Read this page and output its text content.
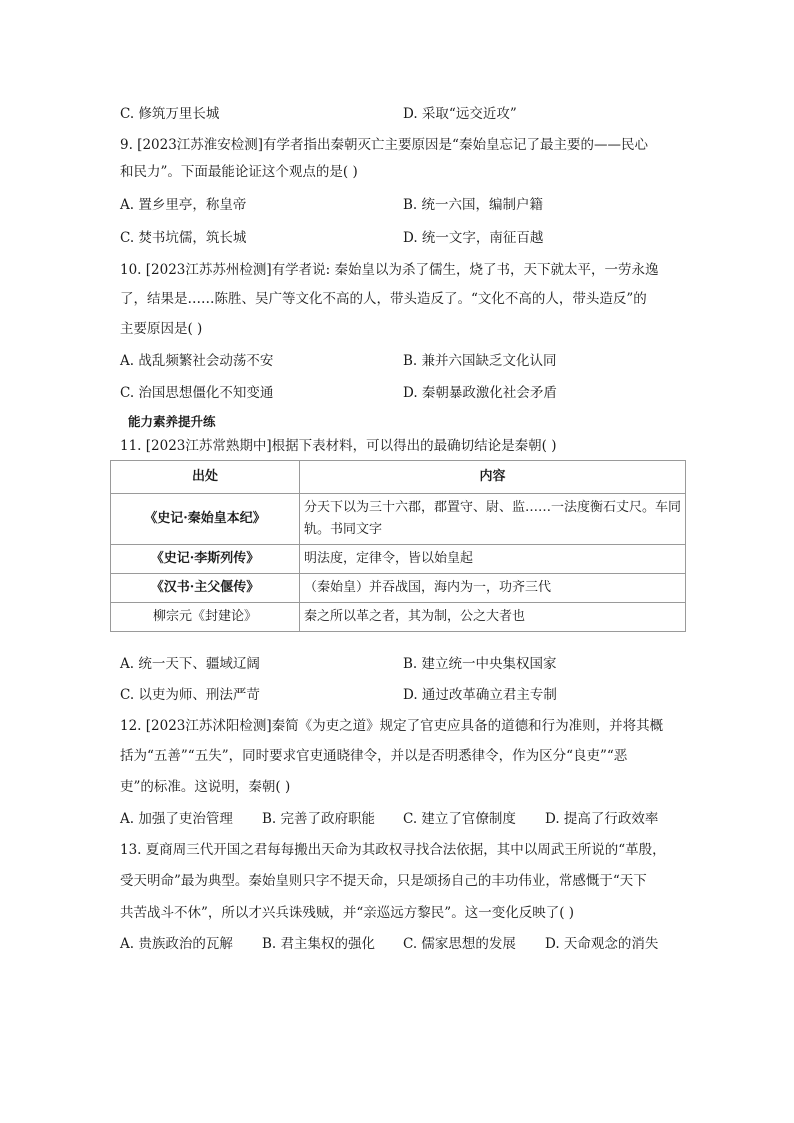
C. 修筑万里长城	D. 采取“远交近攻”
9. [2023江苏淮安检测]有学者指出秦朝灭亡主要原因是“秦始皇忘记了最主要的——民心
和民力”。下面最能论证这个观点的是( )
A. 置乡里亭，称皇帝	B. 统一六国，编制户籍
C. 焚书坑儒，筑长城	D. 统一文字，南征百越
10. [2023江苏苏州检测]有学者说: 秦始皇以为杀了儒生，烧了书，天下就太平，一劳永逸
了，结果是……陈胜、吴广等文化不高的人，带头造反了。“文化不高的人，带头造反”的
主要原因是( )
A. 战乱频繁社会动荡不安	B. 兼并六国缺乏文化认同
C. 治国思想僵化不知变通	D. 秦朝暴政激化社会矛盾
能力素养提升练
11. [2023江苏常熟期中]根据下表材料，可以得出的最确切结论是秦朝( )
出处	内容
《史记·秦始皇本纪》	分天下以为三十六郡，郡置守、尉、监……一法度衡石丈尺。车同轨。书同文字
《史记·李斯列传》	明法度，定律令，皆以始皇起
《汉书·主父偃传》	（秦始皇）并吞战国，海内为一，功齐三代
柳宗元《封建论》	秦之所以革之者，其为制，公之大者也
A. 统一天下、疆域辽阔	B. 建立统一中央集权国家
C. 以吏为师、刑法严苛	D. 通过改革确立君主专制
12. [2023江苏沭阳检测]秦简《为吏之道》规定了官吏应具备的道德和行为准则，并将其概
括为“五善”“五失”，同时要求官吏通晓律令，并以是否明悉律令，作为区分“良吏”“恶
吏”的标准。这说明，秦朝( )
A. 加强了吏治管理 B. 完善了政府职能 C. 建立了官僚制度 D. 提高了行政效率
13. 夏商周三代开国之君每每搬出天命为其政权寻找合法依据，其中以周武王所说的“革殷，
受天明命”最为典型。秦始皇则只字不提天命，只是颂扬自己的丰功伟业，常感慨于“天下
共苦战斗不休”，所以才兴兵诛残贼，并“亲巡远方黎民”。这一变化反映了( )
A. 贵族政治的瓦解 B. 君主集权的强化 C. 儒家思想的发展 D. 天命观念的消失
